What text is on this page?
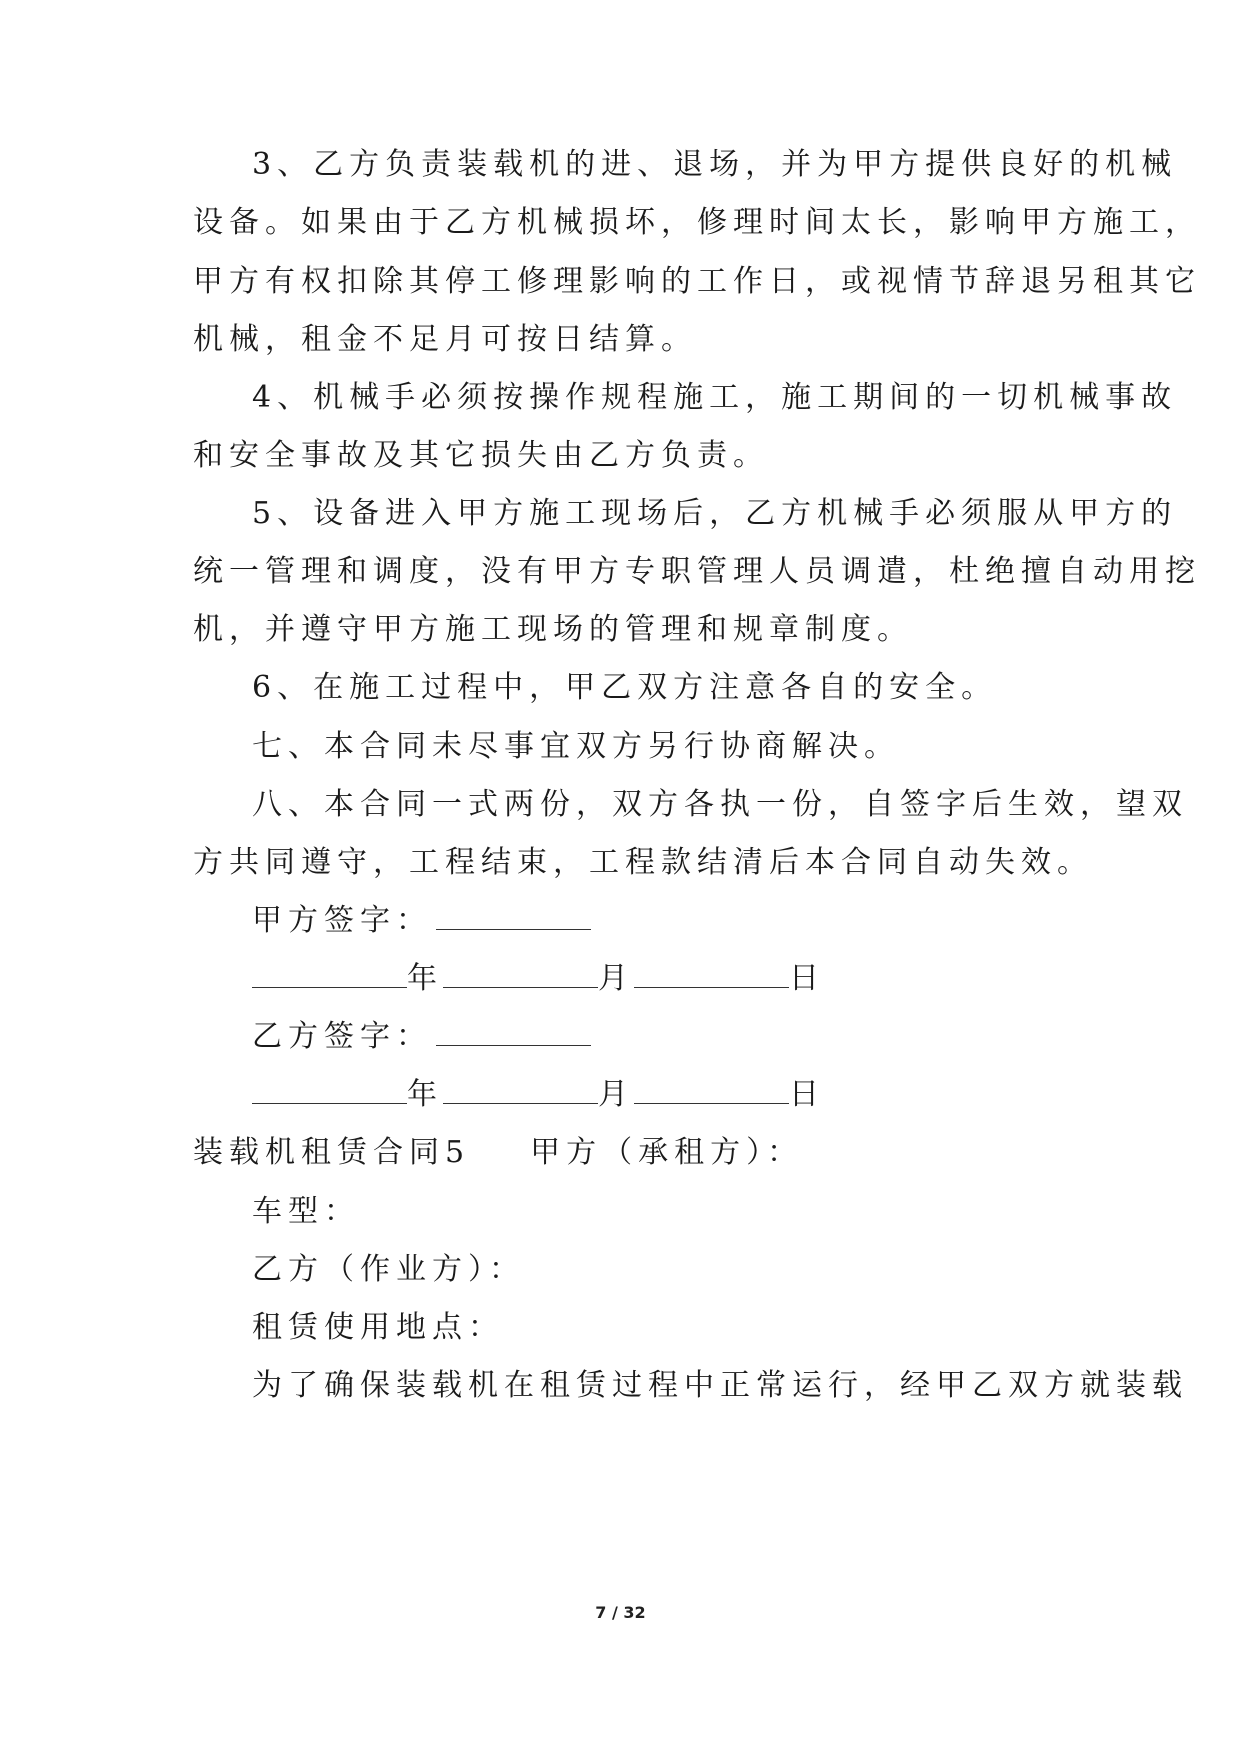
3、乙方负责装载机的进、退场，并为甲方提供良好的机械
设备。如果由于乙方机械损坏，修理时间太长，影响甲方施工，
甲方有权扣除其停工修理影响的工作日，或视情节辞退另租其它
机械，租金不足月可按日结算。
4、机械手必须按操作规程施工，施工期间的一切机械事故
和安全事故及其它损失由乙方负责。
5、设备进入甲方施工现场后，乙方机械手必须服从甲方的
统一管理和调度，没有甲方专职管理人员调遣，杜绝擅自动用挖
机，并遵守甲方施工现场的管理和规章制度。
6、在施工过程中，甲乙双方注意各自的安全。
七、本合同未尽事宜双方另行协商解决。
八、本合同一式两份，双方各执一份，自签字后生效，望双
方共同遵守，工程结束，工程款结清后本合同自动失效。
甲方签字：
年	月	日
乙方签字：
年	月	日
装载机租赁合同5 甲方（承租方）：
车型：
乙方（作业方）：
租赁使用地点：
为了确保装载机在租赁过程中正常运行，经甲乙双方就装载
7 / 32
